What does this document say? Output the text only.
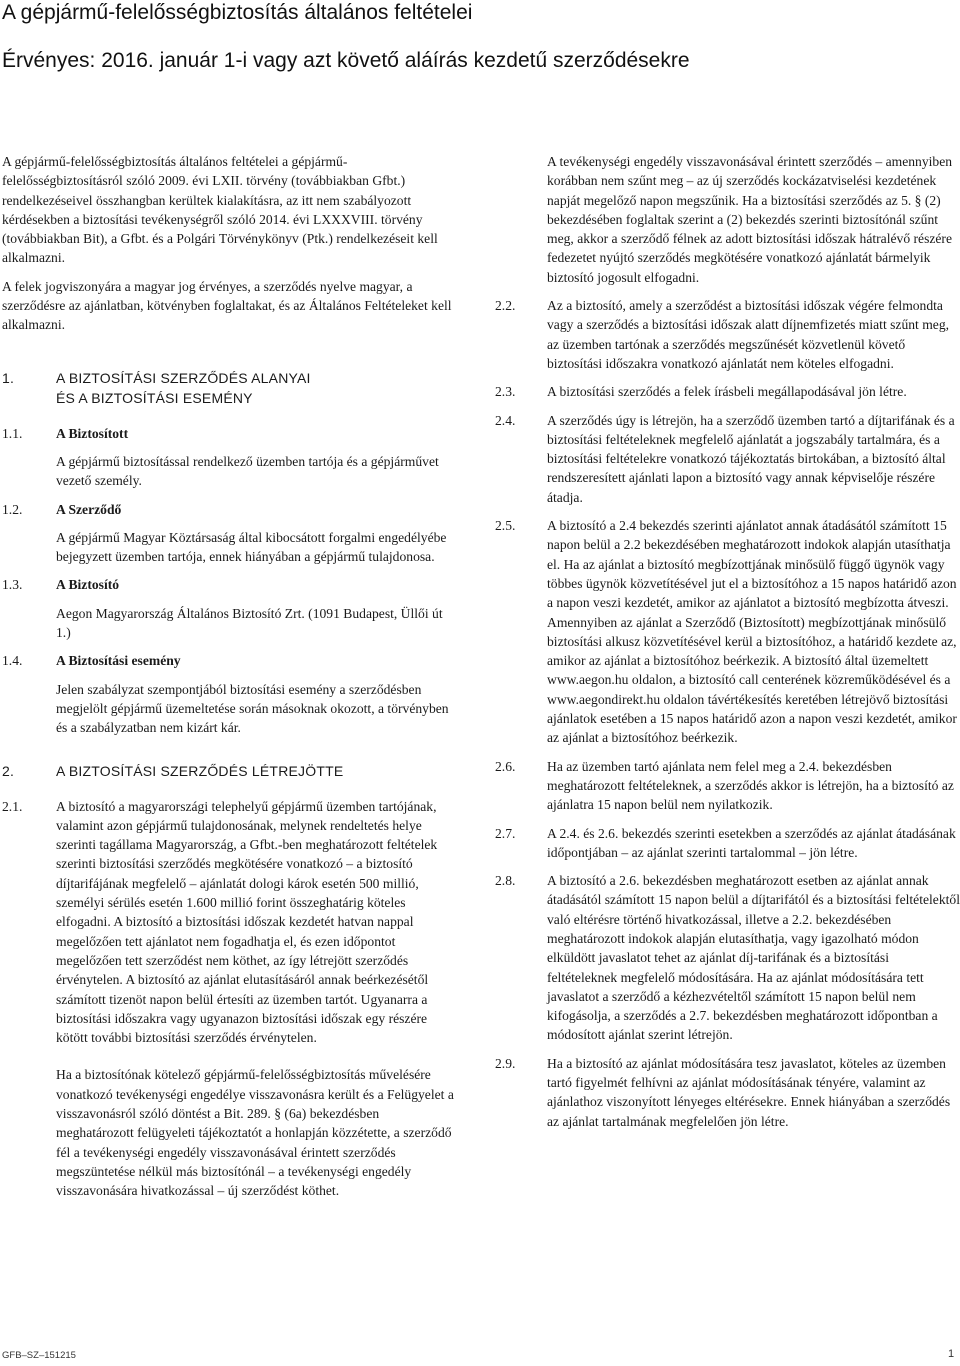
A gépjármű-felelősségbiztosítás általános feltételei
Érvényes: 2016. január 1-i vagy azt követő aláírás kezdetű szerződésekre

A gépjármű-felelősségbiztosítás általános feltételei a gépjármű-felelősségbiztosításról szóló 2009. évi LXII. törvény (továbbiakban Gfbt.) rendelkezéseivel összhangban kerültek kialakításra, az itt nem szabályozott kérdésekben a biztosítási tevékenységről szóló 2014. évi LXXXVIII. törvény (továbbiakban Bit), a Gfbt. és a Polgári Törvénykönyv (Ptk.) rendelkezéseit kell alkalmazni.

A felek jogviszonyára a magyar jog érvényes, a szerződés nyelve magyar, a szerződésre az ajánlatban, kötvényben foglaltakat, és az Általános Feltételeket kell alkalmazni.

1.	A BIZTOSÍTÁSI SZERZŐDÉS ALANYAI
ÉS A BIZTOSÍTÁSI ESEMÉNY
1.1.	A Biztosított

A gépjármű biztosítással rendelkező üzemben tartója és a gépjárművet vezető személy.

1.2.	A Szerződő

A gépjármű Magyar Köztársaság által kibocsátott forgalmi engedélyébe bejegyzett üzemben tartója, ennek hiányában a gépjármű tulajdonosa.

1.3.	A Biztosító

Aegon Magyarország Általános Biztosító Zrt. (1091 Budapest, Üllői út 1.)

1.4.	A Biztosítási esemény

Jelen szabályzat szempontjából biztosítási esemény a szerződésben megjelölt gépjármű üzemeltetése során másoknak okozott, a törvényben és a szabályzatban nem kizárt kár.

2.	A BIZTOSÍTÁSI SZERZŐDÉS LÉTREJÖTTE
2.1.	A biztosító a magyarországi telephelyű gépjármű üzemben tartójának, valamint azon gépjármű tulajdonosának, melynek rendeltetés helye szerinti tagállama Magyarország, a Gfbt.-ben meghatározott feltételek szerinti biztosítási szerződés megkötésére vonatkozó – a biztosító díjtarifájának megfelelő – ajánlatát dologi károk esetén 500 millió, személyi sérülés esetén 1.600 millió forint összeghatárig köteles elfogadni. A biztosító a biztosítási időszak kezdetét hatvan nappal megelőzően tett ajánlatot nem fogadhatja el, és ezen időpontot megelőzően tett szerződést nem köthet, az így létrejött szerződés érvénytelen. A biztosító az ajánlat elutasításáról annak beérkezésétől számított tizenöt napon belül értesíti az üzemben tartót. Ugyanarra a biztosítási időszakra vagy ugyanazon biztosítási időszak egy részére kötött további biztosítási szerződés érvénytelen.

Ha a biztosítónak kötelező gépjármű-felelősségbiztosítás művelésére vonatkozó tevékenységi engedélye visszavonásra került és a Felügyelet a visszavonásról szóló döntést a Bit. 289. § (6a) bekezdésben meghatározott felügyeleti tájékoztatót a honlapján közzétette, a szerződő fél a tevékenységi engedély visszavonásával érintett szerződés megszüntetése nélkül más biztosítónál – a tevékenységi engedély visszavonására hivatkozással – új szerződést köthet.

A tevékenységi engedély visszavonásával érintett szerződés – amennyiben korábban nem szűnt meg – az új szerződés kockázatviselési kezdetének napját megelőző napon megszűnik. Ha a biztosítási szerződés az 5. § (2) bekezdésében foglaltak szerint a (2) bekezdés szerinti biztosítónál szűnt meg, akkor a szerződő félnek az adott biztosítási időszak hátralévő részére fedezetet nyújtó szerződés megkötésére vonatkozó ajánlatát bármelyik biztosító jogosult elfogadni.

2.2.	Az a biztosító, amely a szerződést a biztosítási időszak végére felmondta vagy a szerződés a biztosítási időszak alatt díjnemfizetés miatt szűnt meg, az üzemben tartónak a szerződés megszűnését közvetlenül követő biztosítási időszakra vonatkozó ajánlatát nem köteles elfogadni.

2.3.	A biztosítási szerződés a felek írásbeli megállapodásával jön létre.

2.4.	A szerződés úgy is létrejön, ha a szerződő üzemben tartó a díjtarifának és a biztosítási feltételeknek megfelelő ajánlatát a jogszabály tartalmára, és a biztosítási feltételekre vonatkozó tájékoztatás birtokában, a biztosító által rendszeresített ajánlati lapon a biztosító vagy annak képviselője részére átadja.

2.5.	A biztosító a 2.4 bekezdés szerinti ajánlatot annak átadásától számított 15 napon belül a 2.2 bekezdésében meghatározott indokok alapján utasíthatja el. Ha az ajánlat a biztosító megbízottjának minősülő függő ügynök vagy többes ügynök közvetítésével jut el a biztosítóhoz a 15 napos határidő azon a napon veszi kezdetét, amikor az ajánlatot a biztosító megbízotta átveszi. Amennyiben az ajánlat a Szerződő (Biztosított) megbízottjának minősülő biztosítási alkusz közvetítésével kerül a biztosítóhoz, a határidő kezdete az, amikor az ajánlat a biztosítóhoz beérkezik. A biztosító által üzemeltett www.aegon.hu oldalon, a biztosító call centerének közreműködésével és a www.aegondirekt.hu oldalon távértékesítés keretében létrejövő biztosítási ajánlatok esetében a 15 napos határidő azon a napon veszi kezdetét, amikor az ajánlat a biztosítóhoz beérkezik.

2.6.	Ha az üzemben tartó ajánlata nem felel meg a 2.4. bekezdésben meghatározott feltételeknek, a szerződés akkor is létrejön, ha a biztosító az ajánlatra 15 napon belül nem nyilatkozik.

2.7.	A 2.4. és 2.6. bekezdés szerinti esetekben a szerződés az ajánlat átadásának időpontjában – az ajánlat szerinti tartalommal – jön létre.

2.8.	A biztosító a 2.6. bekezdésben meghatározott esetben az ajánlat annak átadásától számított 15 napon belül a díjtarifától és a biztosítási feltételektől való eltérésre történő hivatkozással, illetve a 2.2. bekezdésében meghatározott indokok alapján elutasíthatja, vagy igazolható módon elküldött javaslatot tehet az ajánlat díj-tarifának és a biztosítási feltételeknek megfelelő módosítására. Ha az ajánlat módosítására tett javaslatot a szerződő a kézhezvételtől számított 15 napon belül nem kifogásolja, a szerződés a 2.7. bekezdésben meghatározott időpontban a módosított ajánlat szerint létrejön.

2.9.	Ha a biztosító az ajánlat módosítására tesz javaslatot, köteles az üzemben tartó figyelmét felhívni az ajánlat módosításának tényére, valamint az ajánlathoz viszonyított lényeges eltérésekre. Ennek hiányában a szerződés az ajánlat tartalmának megfelelően jön létre.

GFB–SZ–151215	1
